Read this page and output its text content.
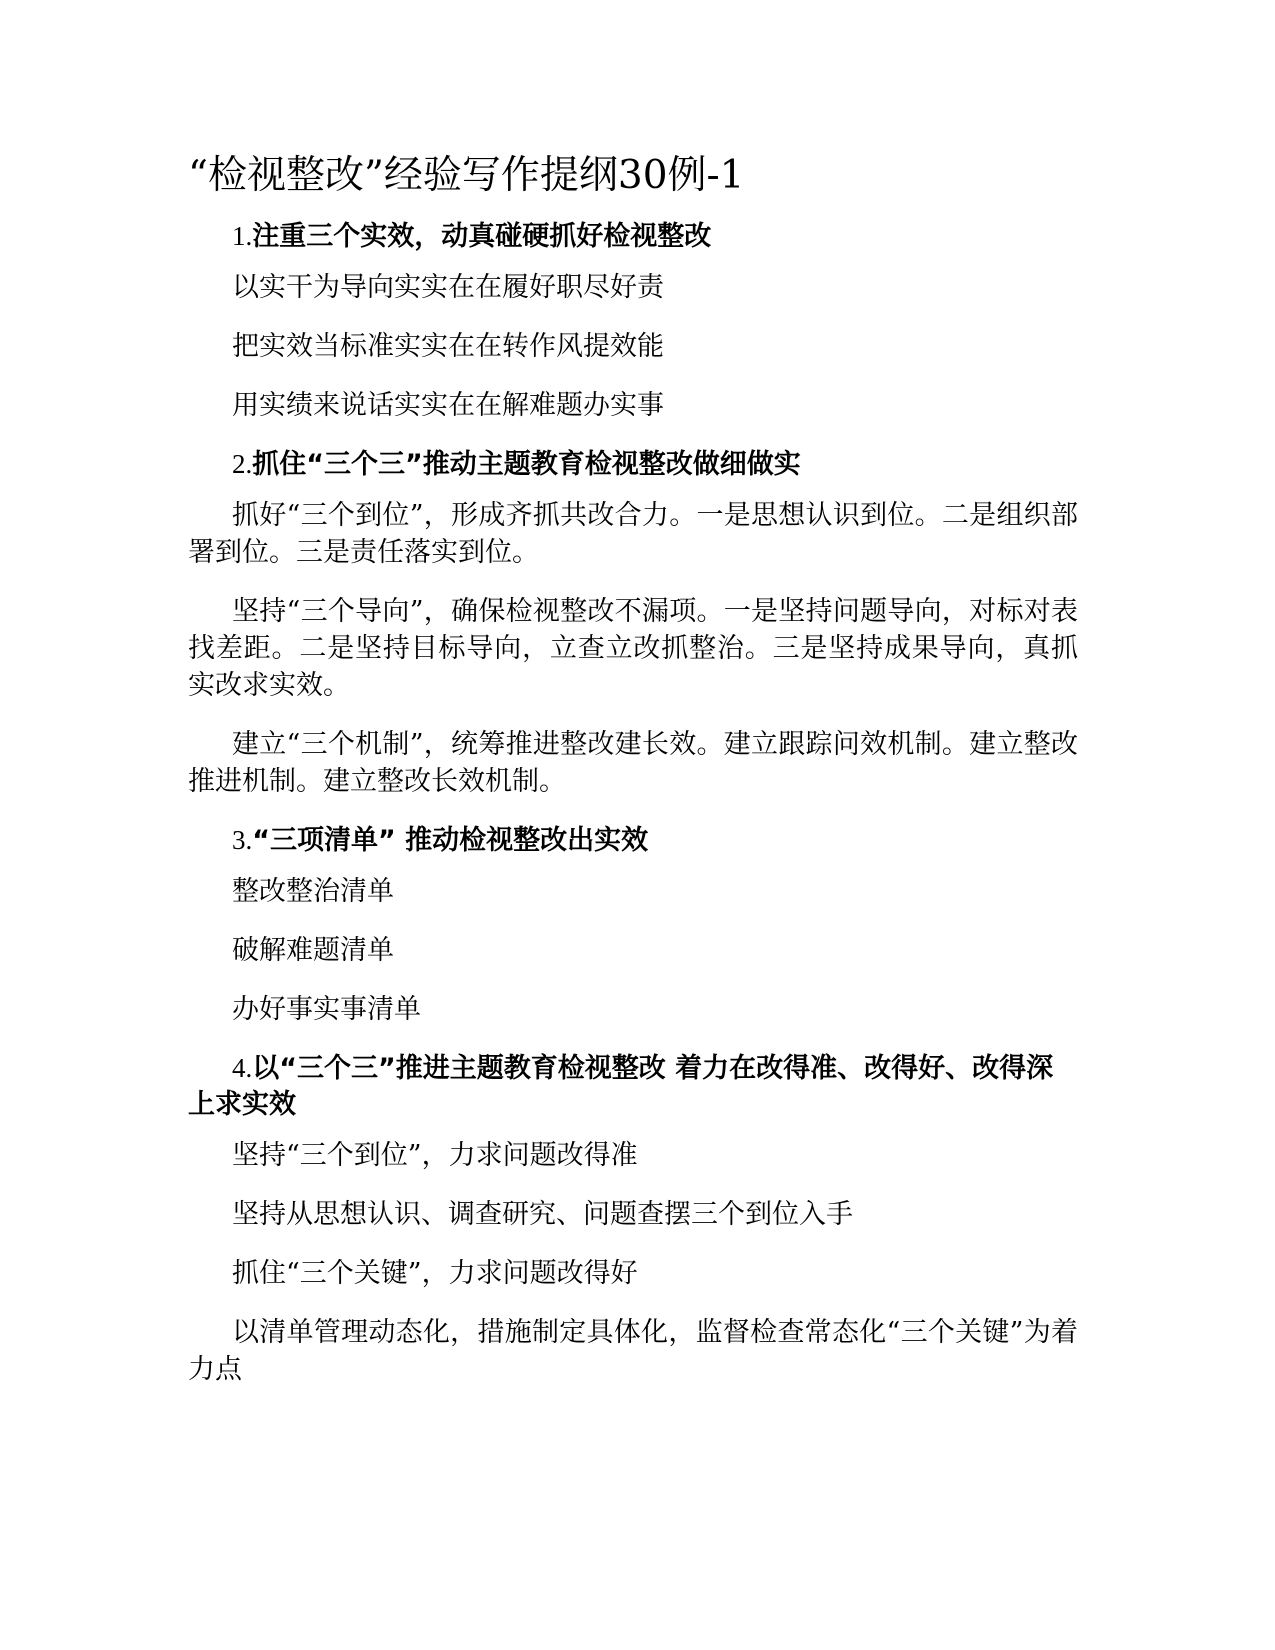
“检视整改”经验写作提纲30例-1

1.注重三个实效，动真碰硬抓好检视整改

以实干为导向实实在在履好职尽好责

把实效当标准实实在在转作风提效能

用实绩来说话实实在在解难题办实事

2.抓住“三个三”推动主题教育检视整改做细做实

抓好“三个到位”，形成齐抓共改合力。一是思想认识到位。二是组织部署到位。三是责任落实到位。

坚持“三个导向”，确保检视整改不漏项。一是坚持问题导向，对标对表找差距。二是坚持目标导向，立查立改抓整治。三是坚持成果导向，真抓实改求实效。

建立“三个机制”，统筹推进整改建长效。建立跟踪问效机制。建立整改推进机制。建立整改长效机制。

3.“三项清单” 推动检视整改出实效

整改整治清单

破解难题清单

办好事实事清单

4.以“三个三”推进主题教育检视整改 着力在改得准、改得好、改得深上求实效

坚持“三个到位”，力求问题改得准

坚持从思想认识、调查研究、问题查摆三个到位入手

抓住“三个关键”，力求问题改得好

以清单管理动态化，措施制定具体化，监督检查常态化“三个关键”为着力点
